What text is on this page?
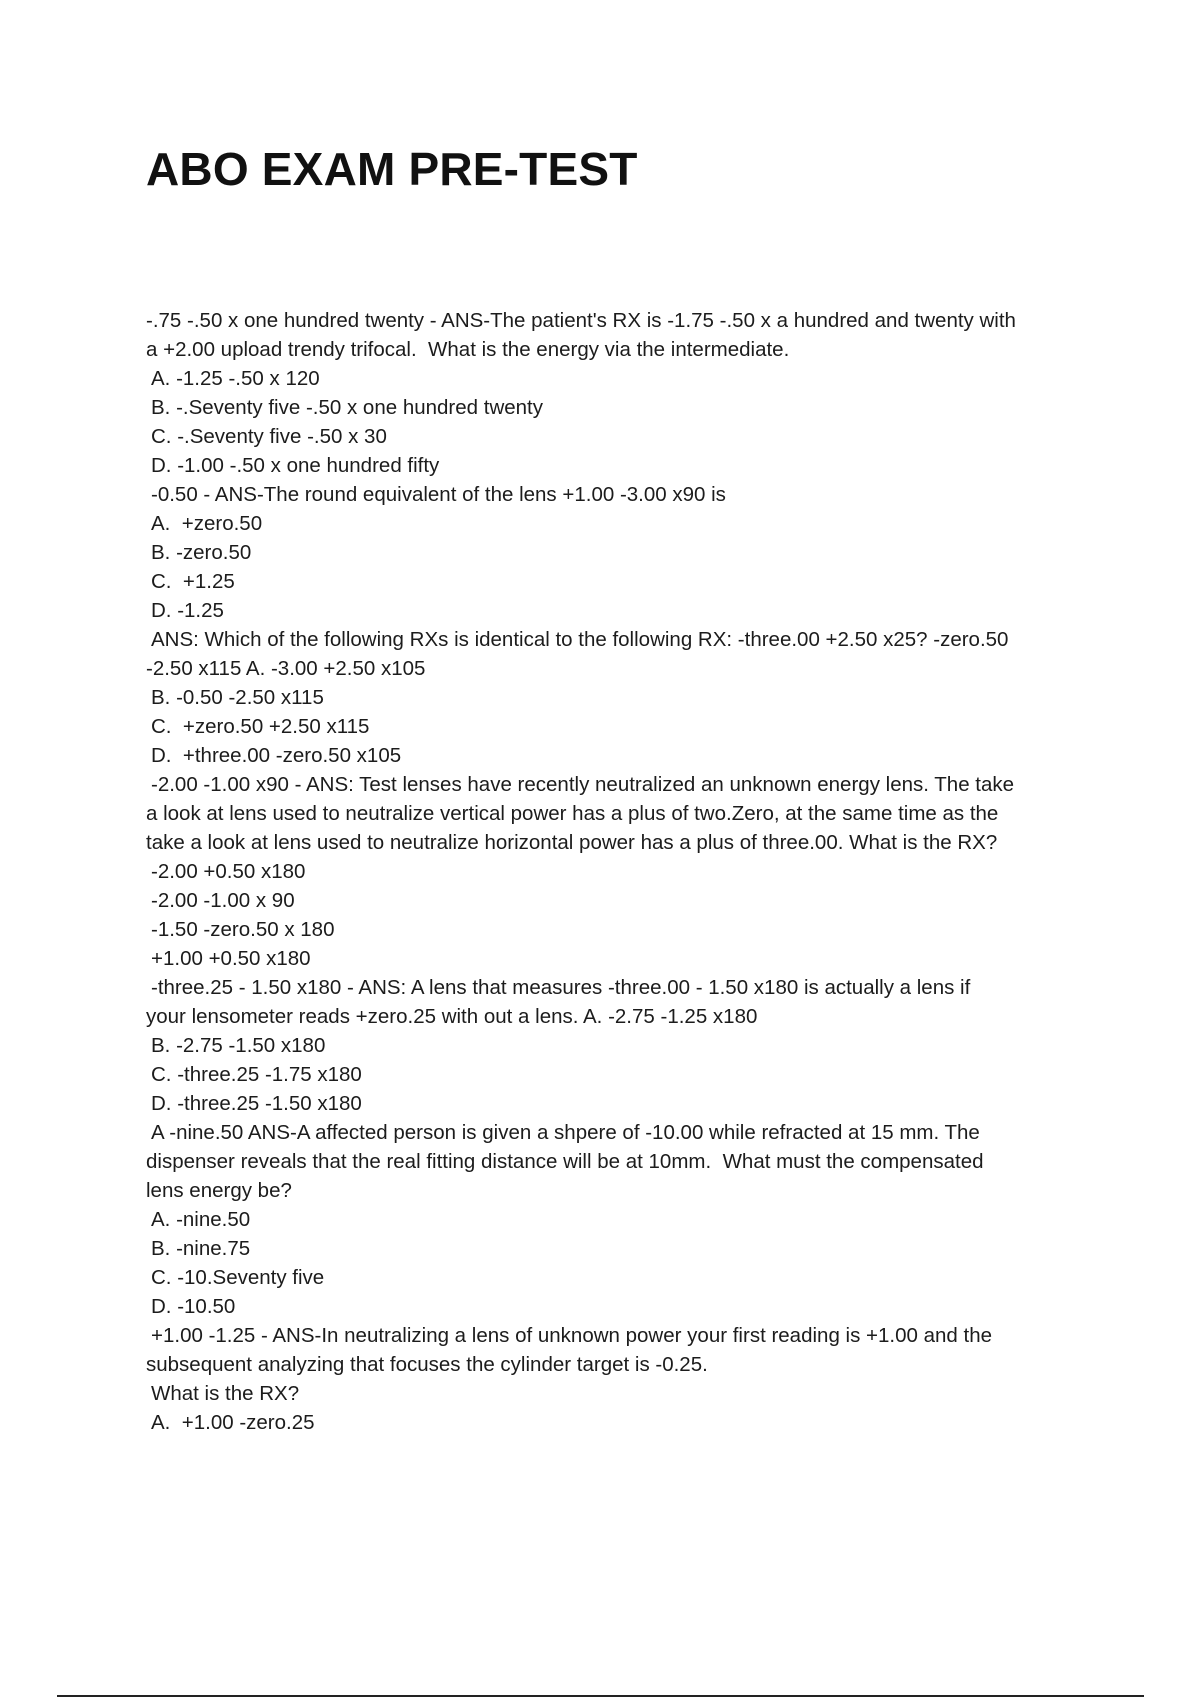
ABO EXAM PRE-TEST
-.75 -.50 x one hundred twenty - ANS-The patient's RX is -1.75 -.50 x a hundred and twenty with
a +2.00 upload trendy trifocal.  What is the energy via the intermediate.
A. -1.25 -.50 x 120
B. -.Seventy five -.50 x one hundred twenty
C. -.Seventy five -.50 x 30
D. -1.00 -.50 x one hundred fifty
-0.50 - ANS-The round equivalent of the lens +1.00 -3.00 x90 is
A.  +zero.50
B. -zero.50
C.  +1.25
D. -1.25
ANS: Which of the following RXs is identical to the following RX: -three.00 +2.50 x25? -zero.50
-2.50 x115 A. -3.00 +2.50 x105
B. -0.50 -2.50 x115
C.  +zero.50 +2.50 x115
D.  +three.00 -zero.50 x105
-2.00 -1.00 x90 - ANS: Test lenses have recently neutralized an unknown energy lens. The take
a look at lens used to neutralize vertical power has a plus of two.Zero, at the same time as the
take a look at lens used to neutralize horizontal power has a plus of three.00. What is the RX?
-2.00 +0.50 x180
-2.00 -1.00 x 90
-1.50 -zero.50 x 180
+1.00 +0.50 x180
-three.25 - 1.50 x180 - ANS: A lens that measures -three.00 - 1.50 x180 is actually a lens if
your lensometer reads +zero.25 with out a lens. A. -2.75 -1.25 x180
B. -2.75 -1.50 x180
C. -three.25 -1.75 x180
D. -three.25 -1.50 x180
A -nine.50 ANS-A affected person is given a shpere of -10.00 while refracted at 15 mm. The
dispenser reveals that the real fitting distance will be at 10mm.  What must the compensated
lens energy be?
A. -nine.50
B. -nine.75
C. -10.Seventy five
D. -10.50
+1.00 -1.25 - ANS-In neutralizing a lens of unknown power your first reading is +1.00 and the
subsequent analyzing that focuses the cylinder target is -0.25.
What is the RX?
A.  +1.00 -zero.25
